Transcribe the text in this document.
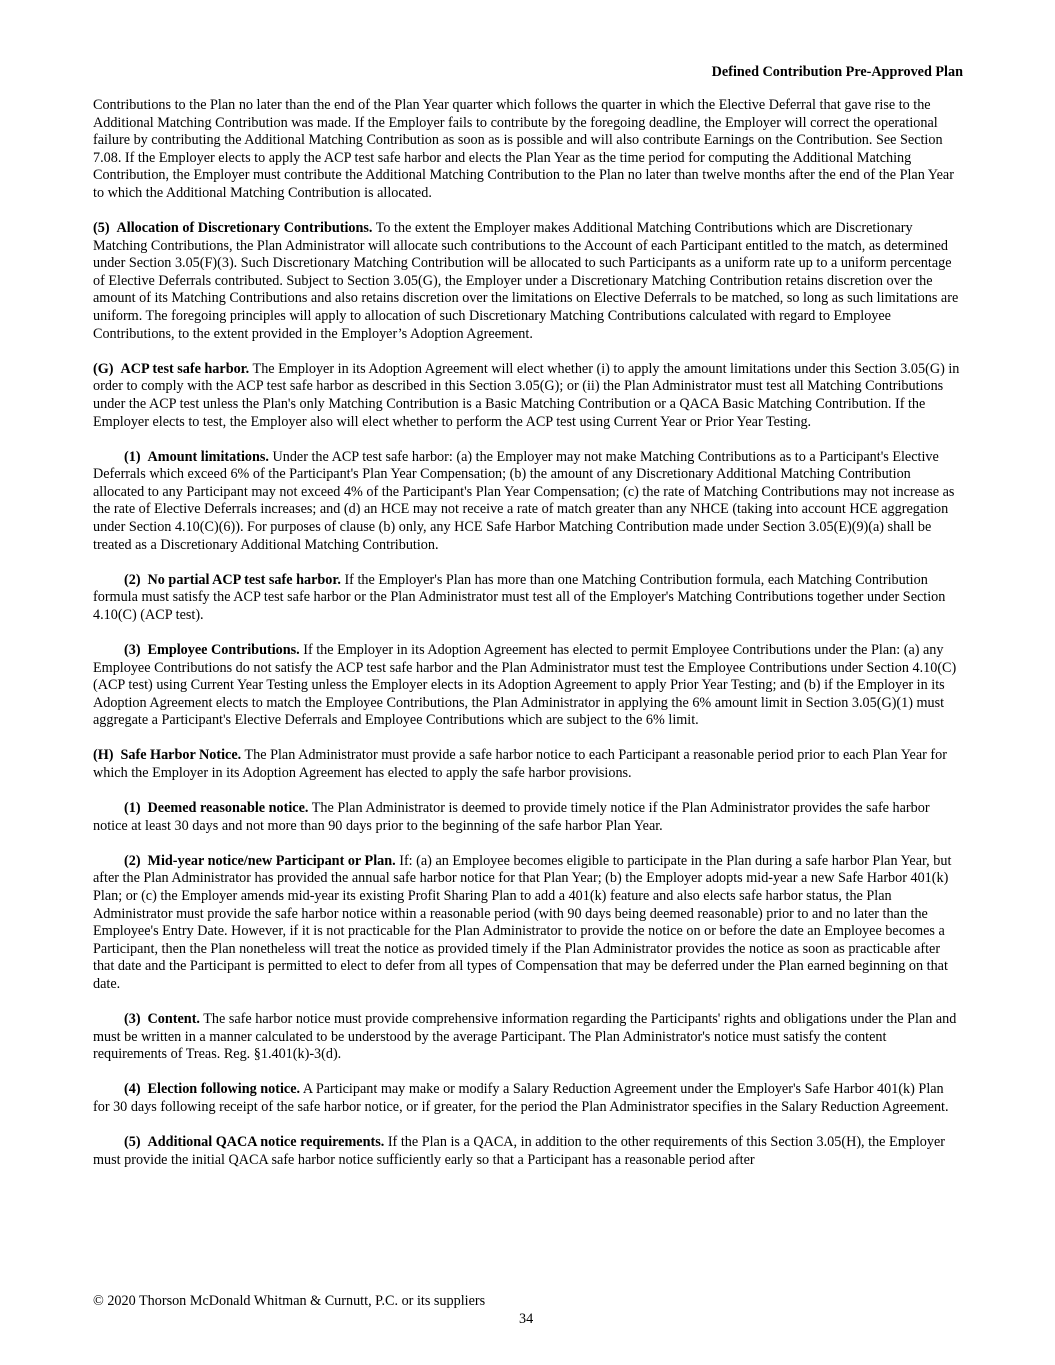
Defined Contribution Pre-Approved Plan

Contributions to the Plan no later than the end of the Plan Year quarter which follows the quarter in which the Elective Deferral that gave rise to the Additional Matching Contribution was made. If the Employer fails to contribute by the foregoing deadline, the Employer will correct the operational failure by contributing the Additional Matching Contribution as soon as is possible and will also contribute Earnings on the Contribution. See Section 7.08. If the Employer elects to apply the ACP test safe harbor and elects the Plan Year as the time period for computing the Additional Matching Contribution, the Employer must contribute the Additional Matching Contribution to the Plan no later than twelve months after the end of the Plan Year to which the Additional Matching Contribution is allocated.

(5) Allocation of Discretionary Contributions. To the extent the Employer makes Additional Matching Contributions which are Discretionary Matching Contributions, the Plan Administrator will allocate such contributions to the Account of each Participant entitled to the match, as determined under Section 3.05(F)(3). Such Discretionary Matching Contribution will be allocated to such Participants as a uniform rate up to a uniform percentage of Elective Deferrals contributed. Subject to Section 3.05(G), the Employer under a Discretionary Matching Contribution retains discretion over the amount of its Matching Contributions and also retains discretion over the limitations on Elective Deferrals to be matched, so long as such limitations are uniform. The foregoing principles will apply to allocation of such Discretionary Matching Contributions calculated with regard to Employee Contributions, to the extent provided in the Employer’s Adoption Agreement.

(G) ACP test safe harbor. The Employer in its Adoption Agreement will elect whether (i) to apply the amount limitations under this Section 3.05(G) in order to comply with the ACP test safe harbor as described in this Section 3.05(G); or (ii) the Plan Administrator must test all Matching Contributions under the ACP test unless the Plan's only Matching Contribution is a Basic Matching Contribution or a QACA Basic Matching Contribution. If the Employer elects to test, the Employer also will elect whether to perform the ACP test using Current Year or Prior Year Testing.

(1) Amount limitations. Under the ACP test safe harbor: (a) the Employer may not make Matching Contributions as to a Participant's Elective Deferrals which exceed 6% of the Participant's Plan Year Compensation; (b) the amount of any Discretionary Additional Matching Contribution allocated to any Participant may not exceed 4% of the Participant's Plan Year Compensation; (c) the rate of Matching Contributions may not increase as the rate of Elective Deferrals increases; and (d) an HCE may not receive a rate of match greater than any NHCE (taking into account HCE aggregation under Section 4.10(C)(6)). For purposes of clause (b) only, any HCE Safe Harbor Matching Contribution made under Section 3.05(E)(9)(a) shall be treated as a Discretionary Additional Matching Contribution.

(2) No partial ACP test safe harbor. If the Employer's Plan has more than one Matching Contribution formula, each Matching Contribution formula must satisfy the ACP test safe harbor or the Plan Administrator must test all of the Employer's Matching Contributions together under Section 4.10(C) (ACP test).

(3) Employee Contributions. If the Employer in its Adoption Agreement has elected to permit Employee Contributions under the Plan: (a) any Employee Contributions do not satisfy the ACP test safe harbor and the Plan Administrator must test the Employee Contributions under Section 4.10(C) (ACP test) using Current Year Testing unless the Employer elects in its Adoption Agreement to apply Prior Year Testing; and (b) if the Employer in its Adoption Agreement elects to match the Employee Contributions, the Plan Administrator in applying the 6% amount limit in Section 3.05(G)(1) must aggregate a Participant's Elective Deferrals and Employee Contributions which are subject to the 6% limit.

(H) Safe Harbor Notice. The Plan Administrator must provide a safe harbor notice to each Participant a reasonable period prior to each Plan Year for which the Employer in its Adoption Agreement has elected to apply the safe harbor provisions.

(1) Deemed reasonable notice. The Plan Administrator is deemed to provide timely notice if the Plan Administrator provides the safe harbor notice at least 30 days and not more than 90 days prior to the beginning of the safe harbor Plan Year.

(2) Mid-year notice/new Participant or Plan. If: (a) an Employee becomes eligible to participate in the Plan during a safe harbor Plan Year, but after the Plan Administrator has provided the annual safe harbor notice for that Plan Year; (b) the Employer adopts mid-year a new Safe Harbor 401(k) Plan; or (c) the Employer amends mid-year its existing Profit Sharing Plan to add a 401(k) feature and also elects safe harbor status, the Plan Administrator must provide the safe harbor notice within a reasonable period (with 90 days being deemed reasonable) prior to and no later than the Employee's Entry Date. However, if it is not practicable for the Plan Administrator to provide the notice on or before the date an Employee becomes a Participant, then the Plan nonetheless will treat the notice as provided timely if the Plan Administrator provides the notice as soon as practicable after that date and the Participant is permitted to elect to defer from all types of Compensation that may be deferred under the Plan earned beginning on that date.

(3) Content. The safe harbor notice must provide comprehensive information regarding the Participants' rights and obligations under the Plan and must be written in a manner calculated to be understood by the average Participant. The Plan Administrator's notice must satisfy the content requirements of Treas. Reg. §1.401(k)-3(d).

(4) Election following notice. A Participant may make or modify a Salary Reduction Agreement under the Employer's Safe Harbor 401(k) Plan for 30 days following receipt of the safe harbor notice, or if greater, for the period the Plan Administrator specifies in the Salary Reduction Agreement.

(5) Additional QACA notice requirements. If the Plan is a QACA, in addition to the other requirements of this Section 3.05(H), the Employer must provide the initial QACA safe harbor notice sufficiently early so that a Participant has a reasonable period after

© 2020 Thorson McDonald Whitman & Curnutt, P.C. or its suppliers
34
